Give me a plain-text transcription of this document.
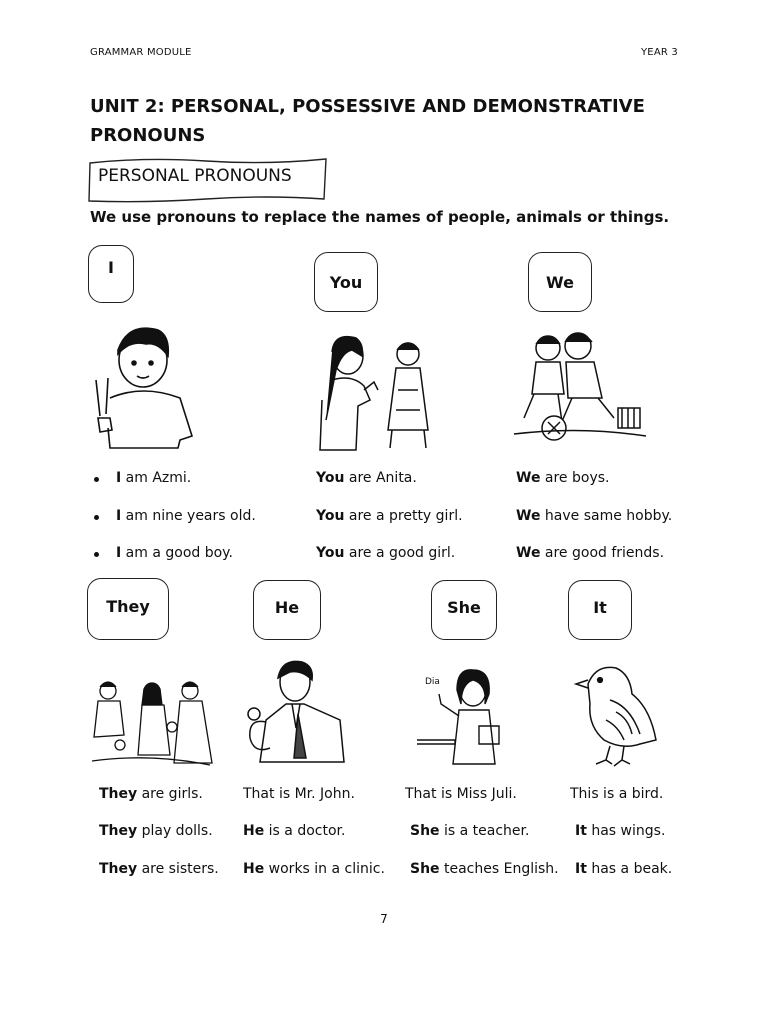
GRAMMAR MODULE	YEAR 3
UNIT 2: PERSONAL, POSSESSIVE AND DEMONSTRATIVE PRONOUNS
PERSONAL PRONOUNS
We use pronouns to replace the names of people, animals or things.
I
You	We
I am Azmi.
I am nine years old.
I am a good boy.
You are Anita.
You are a pretty girl.
You are a good girl.
We are boys.
We have same hobby.
We are good friends.
They	He	She	It
Dia
They are girls.
They play dolls.
They are sisters.
That is Mr. John.
He is a doctor.
He works in a clinic.
That is Miss Juli.
She is a teacher.
She teaches English.
This is a bird.
It has wings.
It has a beak.
7
